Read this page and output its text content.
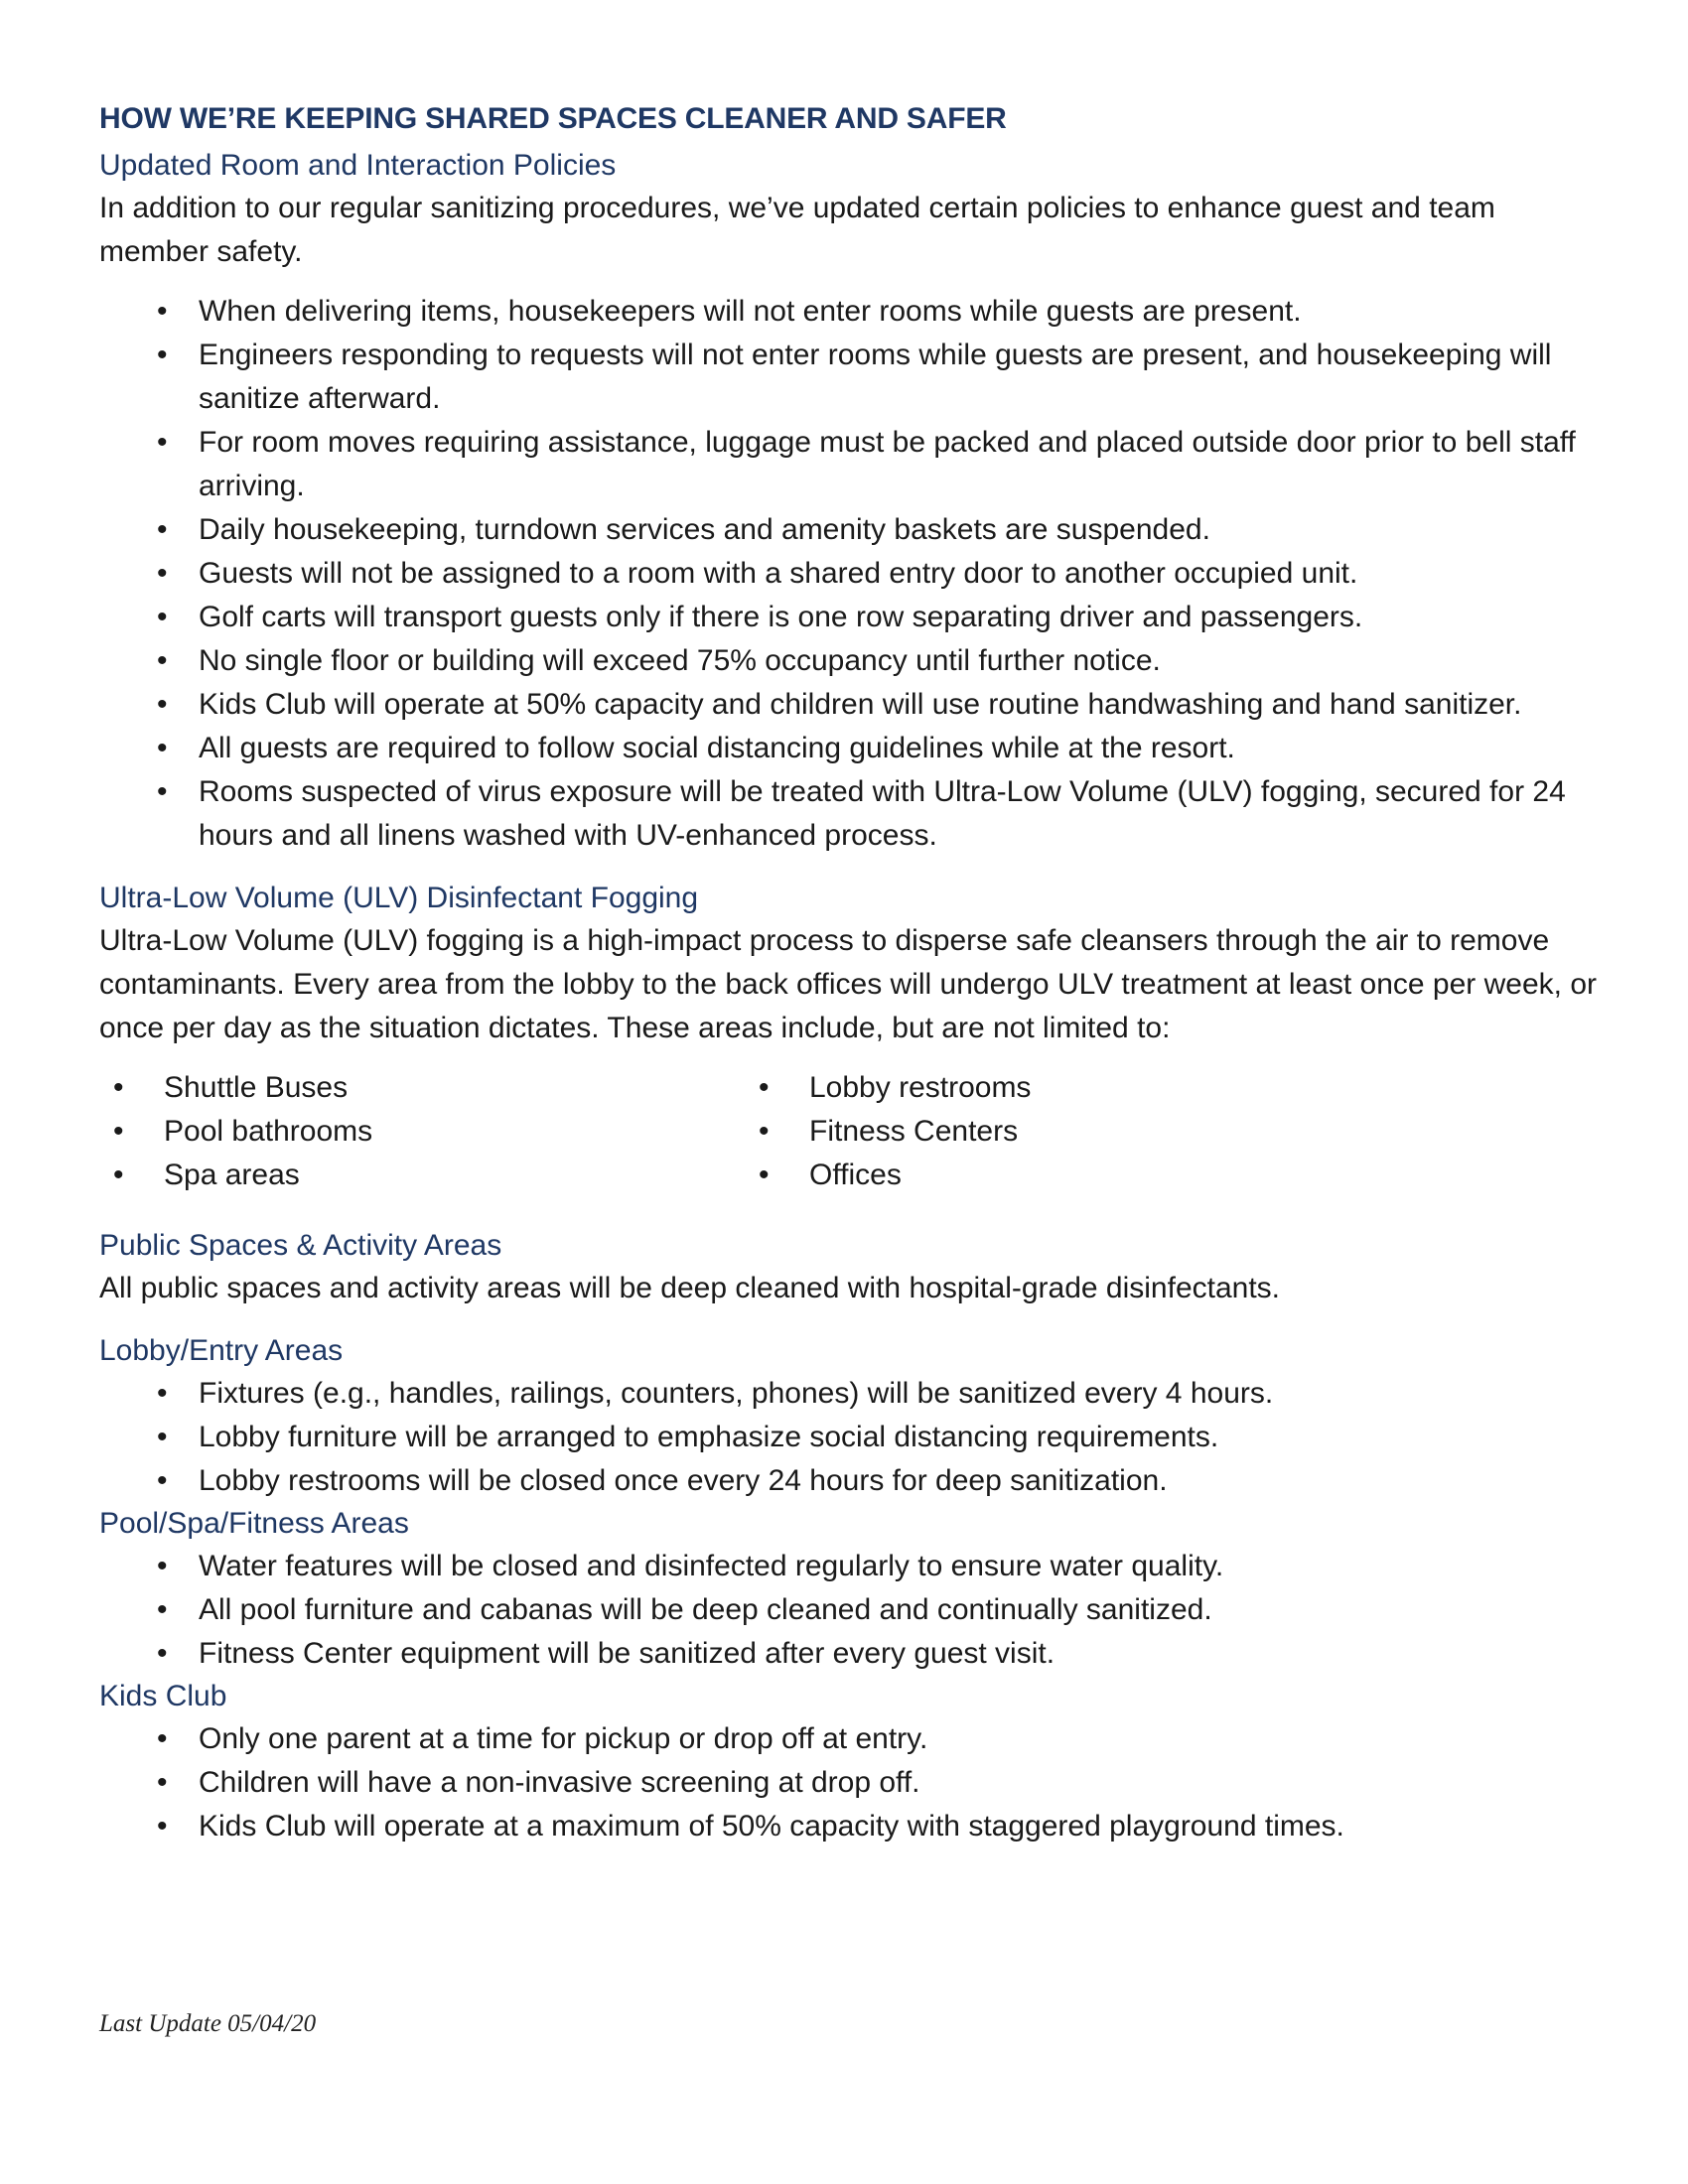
HOW WE’RE KEEPING SHARED SPACES CLEANER AND SAFER
Updated Room and Interaction Policies

In addition to our regular sanitizing procedures, we’ve updated certain policies to enhance guest and team member safety.

• When delivering items, housekeepers will not enter rooms while guests are present.
• Engineers responding to requests will not enter rooms while guests are present, and housekeeping will sanitize afterward.
• For room moves requiring assistance, luggage must be packed and placed outside door prior to bell staff arriving.
• Daily housekeeping, turndown services and amenity baskets are suspended.
• Guests will not be assigned to a room with a shared entry door to another occupied unit.
• Golf carts will transport guests only if there is one row separating driver and passengers.
• No single floor or building will exceed 75% occupancy until further notice.
• Kids Club will operate at 50% capacity and children will use routine handwashing and hand sanitizer.
• All guests are required to follow social distancing guidelines while at the resort.
• Rooms suspected of virus exposure will be treated with Ultra-Low Volume (ULV) fogging, secured for 24 hours and all linens washed with UV-enhanced process.
Ultra-Low Volume (ULV) Disinfectant Fogging

Ultra-Low Volume (ULV) fogging is a high-impact process to disperse safe cleansers through the air to remove contaminants. Every area from the lobby to the back offices will undergo ULV treatment at least once per week, or once per day as the situation dictates. These areas include, but are not limited to:

• Shuttle Buses
• Pool bathrooms
• Spa areas
• Lobby restrooms
• Fitness Centers
• Offices
Public Spaces & Activity Areas

All public spaces and activity areas will be deep cleaned with hospital-grade disinfectants.

Lobby/Entry Areas
• Fixtures (e.g., handles, railings, counters, phones) will be sanitized every 4 hours.
• Lobby furniture will be arranged to emphasize social distancing requirements.
• Lobby restrooms will be closed once every 24 hours for deep sanitization.
Pool/Spa/Fitness Areas
• Water features will be closed and disinfected regularly to ensure water quality.
• All pool furniture and cabanas will be deep cleaned and continually sanitized.
• Fitness Center equipment will be sanitized after every guest visit.
Kids Club
• Only one parent at a time for pickup or drop off at entry.
• Children will have a non-invasive screening at drop off.
• Kids Club will operate at a maximum of 50% capacity with staggered playground times.
Last Update 05/04/20
